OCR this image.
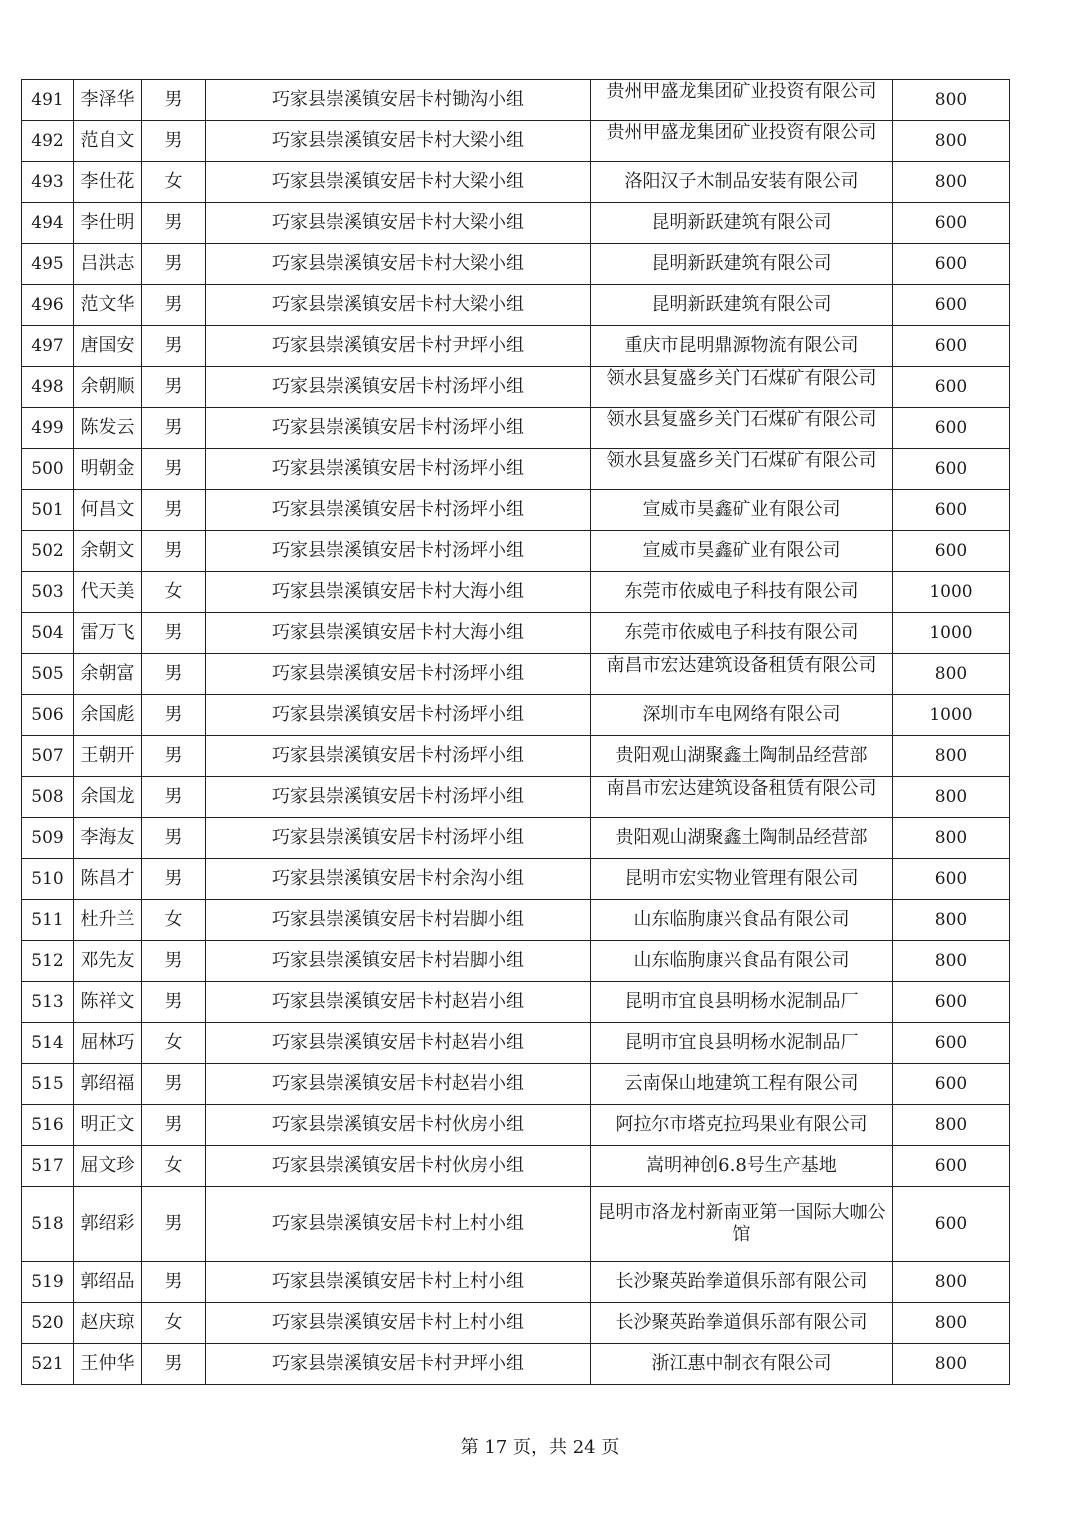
491	李泽华	男	巧家县崇溪镇安居卡村锄沟小组	贵州甲盛龙集团矿业投资有限公司	800
492	范自文	男	巧家县崇溪镇安居卡村大梁小组	贵州甲盛龙集团矿业投资有限公司	800
493	李仕花	女	巧家县崇溪镇安居卡村大梁小组	洛阳汉子木制品安装有限公司	800
494	李仕明	男	巧家县崇溪镇安居卡村大梁小组	昆明新跃建筑有限公司	600
495	吕洪志	男	巧家县崇溪镇安居卡村大梁小组	昆明新跃建筑有限公司	600
496	范文华	男	巧家县崇溪镇安居卡村大梁小组	昆明新跃建筑有限公司	600
497	唐国安	男	巧家县崇溪镇安居卡村尹坪小组	重庆市昆明鼎源物流有限公司	600
498	余朝顺	男	巧家县崇溪镇安居卡村汤坪小组	领水县复盛乡关门石煤矿有限公司	600
499	陈发云	男	巧家县崇溪镇安居卡村汤坪小组	领水县复盛乡关门石煤矿有限公司	600
500	明朝金	男	巧家县崇溪镇安居卡村汤坪小组	领水县复盛乡关门石煤矿有限公司	600
501	何昌文	男	巧家县崇溪镇安居卡村汤坪小组	宣威市昊鑫矿业有限公司	600
502	余朝文	男	巧家县崇溪镇安居卡村汤坪小组	宣威市昊鑫矿业有限公司	600
503	代天美	女	巧家县崇溪镇安居卡村大海小组	东莞市依威电子科技有限公司	1000
504	雷万飞	男	巧家县崇溪镇安居卡村大海小组	东莞市依威电子科技有限公司	1000
505	余朝富	男	巧家县崇溪镇安居卡村汤坪小组	南昌市宏达建筑设备租赁有限公司	800
506	余国彪	男	巧家县崇溪镇安居卡村汤坪小组	深圳市车电网络有限公司	1000
507	王朝开	男	巧家县崇溪镇安居卡村汤坪小组	贵阳观山湖聚鑫土陶制品经营部	800
508	余国龙	男	巧家县崇溪镇安居卡村汤坪小组	南昌市宏达建筑设备租赁有限公司	800
509	李海友	男	巧家县崇溪镇安居卡村汤坪小组	贵阳观山湖聚鑫土陶制品经营部	800
510	陈昌才	男	巧家县崇溪镇安居卡村余沟小组	昆明市宏实物业管理有限公司	600
511	杜升兰	女	巧家县崇溪镇安居卡村岩脚小组	山东临朐康兴食品有限公司	800
512	邓先友	男	巧家县崇溪镇安居卡村岩脚小组	山东临朐康兴食品有限公司	800
513	陈祥文	男	巧家县崇溪镇安居卡村赵岩小组	昆明市宜良县明杨水泥制品厂	600
514	屈林巧	女	巧家县崇溪镇安居卡村赵岩小组	昆明市宜良县明杨水泥制品厂	600
515	郭绍福	男	巧家县崇溪镇安居卡村赵岩小组	云南保山地建筑工程有限公司	600
516	明正文	男	巧家县崇溪镇安居卡村伙房小组	阿拉尔市塔克拉玛果业有限公司	800
517	屈文珍	女	巧家县崇溪镇安居卡村伙房小组	嵩明神创6.8号生产基地	600
518	郭绍彩	男	巧家县崇溪镇安居卡村上村小组	昆明市洛龙村新南亚第一国际大咖公馆	600
519	郭绍品	男	巧家县崇溪镇安居卡村上村小组	长沙聚英跆拳道俱乐部有限公司	800
520	赵庆琼	女	巧家县崇溪镇安居卡村上村小组	长沙聚英跆拳道俱乐部有限公司	800
521	王仲华	男	巧家县崇溪镇安居卡村尹坪小组	浙江惠中制衣有限公司	800
第 17 页，共 24 页
